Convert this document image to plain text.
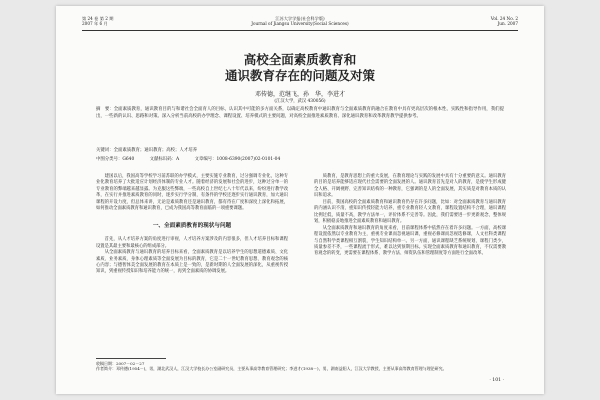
第 24 卷 第 2 期
2007 年 6 月
江苏大学学报(社会科学版)
Journal of Jiangsu University(Social Sciences)
Vol. 24 No. 2
Jun. 2007
高校全面素质教育和
通识教育存在的问题及对策
邓传德，范继飞，孙　华，李进才
(江汉大学，武汉 430056)
摘　要：全面素质教育，通识教育目的与和谐社会全面育人的目标，认识其中可能的多方面关系，以确定高校教育中通识教育与全面素质教育的融合在教育中具有更高层次的根本性、实践性和指导作用，我们提出，一些新的认识、思路和对策。深入分析当前高校的办学理念、课程设置、培养模式的主要问题，对高校全面推进素质教育、深化通识教育和改革教育教学提供参考。
关键词：全面素质教育；通识教育；高校；人才培养
中图分类号：G640	文献标识码：A	文章编号：1008-6390(2007)02-0101-04

建国以后，我国高等学校学习前苏联的办学模式，主要实施专业教育，过分强调专业化，这种专业化教育培养了大批适应计划经济体制的专业人才。随着经济的发展和社会的进步，这种过分单一的专业教育的弊端越来越显露。为克服这些弊端，一些高校自上世纪七八十年代以来，纷纷进行教学改革，在实行并推进素质教育的同时，逐步实行学分制，有条件的学校还逐步实行通识教育，加大通识课程的开设力度，但总体来讲，无论是素质教育还是通识教育，都有待在广度和深度上深化和拓展，如何推动全面素质教育和通识教育，已成为我国高等教育面临的一项重要课题。

一、全面素质教育的现状与问题

首先，从人才培养方案的角度进行审视，人才培养方案涉及的内容很多，但人才培养目标和课程设置是其最主要和最核心的组成部分。

从全面素质教育与通识教育的培养目标来看，全面素质教育是以培养学生的思想道德素质、文化素质、业务素质、身体心理素质等全面发展为目标的教育，它是二十一世纪教育思想、教育观念的核心内容；与德智体美全面发展的教育在本质上是一致的，是新时期的人全面发展的深化，从重视传授知识，到重视传授知识和培养能力的统一，再到全面素质的协调发展。

质教育，是教育思想上的重大发展，在教育理论与实践的发展中具有十分重要的意义。通识教育的目的是培养能够适应现代社会需要的全面发展的人。通识教育首先是对人的教育，是使学生形成健全人格、开阔视野、完善知识结构的一种教育，它强调的是人的全面发展，其实质是对教育本质的认识和追求。

目前，我国高校的全面素质教育和通识教育仍存在许多问题，比如：对全面素质教育与通识教育的内涵认识不清，重知识传授轻能力培养，重专业教育轻人文教育，课程设置结构不合理，通识课程比例过低，质量不高，教学方法单一，评价体系不完善等。因此，我们需要进一步更新观念，整体规划，积极稳妥地推进全面素质教育和通识教育。

从全面素质教育和通识教育的角度来看，目前课程体系中依然存在着许多问题。一方面，高校课程设置依然以专业教育为主，重视专业课而忽视通识课，重视必修课而忽视选修课，人文社科类课程与自然科学类课程相互割裂，学生知识结构单一。另一方面，通识课程缺乏系统规划，课程门类少，质量参差不齐，一些课程流于形式，难以达到预期目标。实现全面素质教育和通识教育，不仅需要教育观念的转变，更需要在课程体系、教学方法、师资队伍和管理制度等方面进行全面改革。

收稿日期：2007－02－27
作者简介：邓传德(1954－)，男，湖北武汉人，江汉大学校长办公室副研究员，主要从事高等教育管理研究；李进才(1938－)，男，湖南益阳人，江汉大学教授，主要从事高等教育管理与理论研究。
· 101 ·
